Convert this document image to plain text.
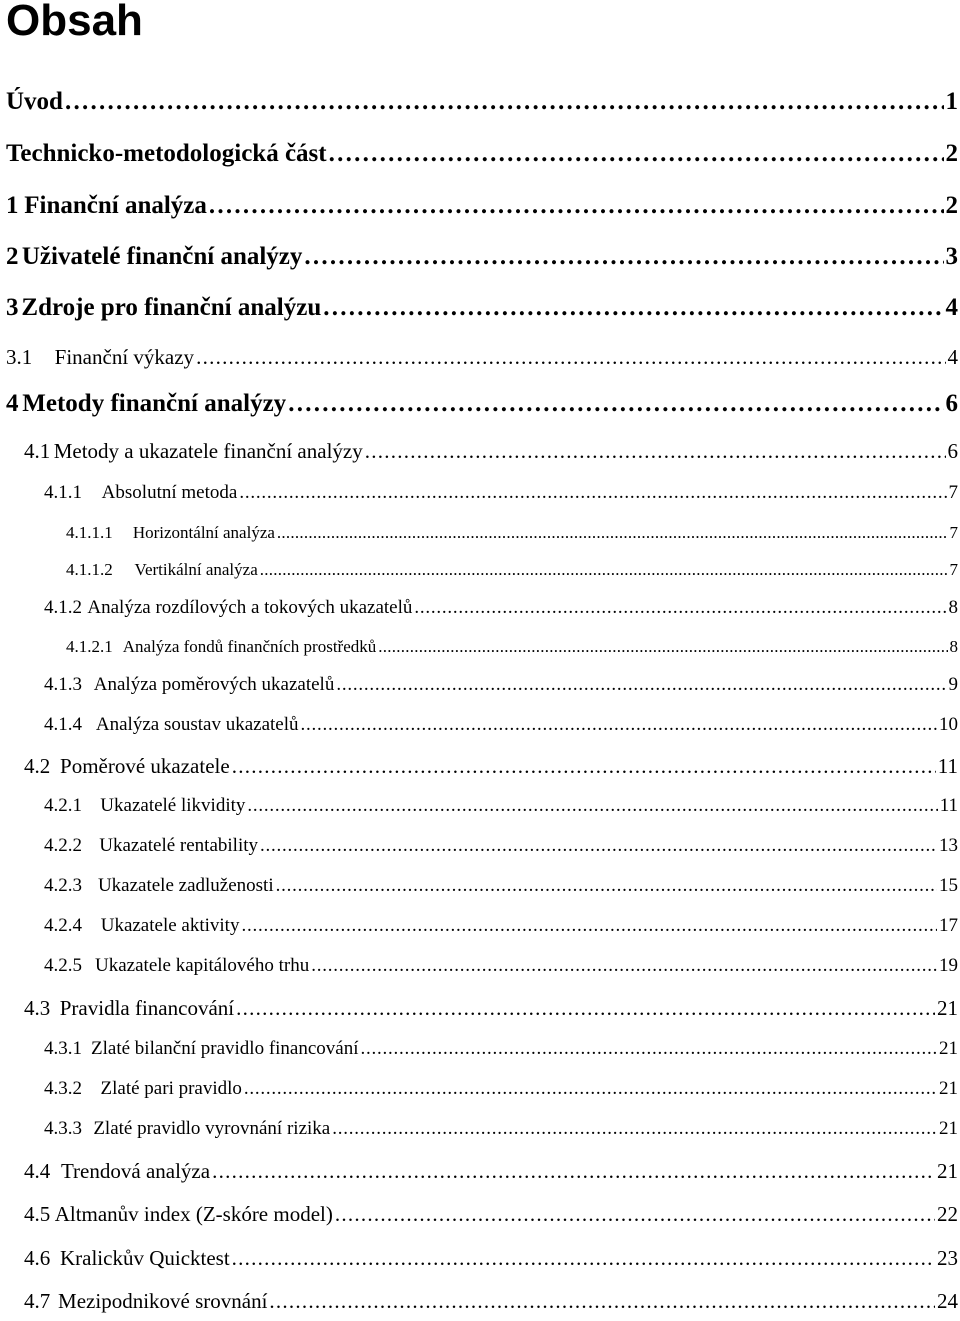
Obsah
Úvod . . .	1
Technicko-metodologická část . . .	2
1 Finanční analýza . . .	2
2 Uživatelé finanční analýzy . . .	3
3 Zdroje pro finanční analýzu . . .	4
3.1	Finanční výkazy . . .	4
4 Metody finanční analýzy . . .	6
4.1 Metody a ukazatele finanční analýzy . . .	6
4.1.1	Absolutní metoda . . .	7
4.1.1.1	Horizontální analýza . . .	7
4.1.1.2	Vertikální analýza . . .	7
4.1.2 Analýza rozdílových a tokových ukazatelů . . .	8
4.1.2.1 Analýza fondů finančních prostředků . . .	8
4.1.3 Analýza poměrových ukazatelů . . .	9
4.1.4 Analýza soustav ukazatelů . . .	10
4.2 Poměrové ukazatele . . .	11
4.2.1 Ukazatelé likvidity . . .	11
4.2.2 Ukazatelé rentability . . .	13
4.2.3 Ukazatele zadluženosti . . .	15
4.2.4 Ukazatele aktivity . . .	17
4.2.5 Ukazatele kapitálového trhu . . .	19
4.3 Pravidla financování . . .	21
4.3.1 Zlaté bilanční pravidlo financování . . .	21
4.3.2 Zlaté pari pravidlo . . .	21
4.3.3 Zlaté pravidlo vyrovnání rizika . . .	21
4.4 Trendová analýza . . .	21
4.5 Altmanův index (Z-skóre model) . . .	22
4.6 Kralickův Quicktest . . .	23
4.7 Mezipodnikové srovnání . . .	24
